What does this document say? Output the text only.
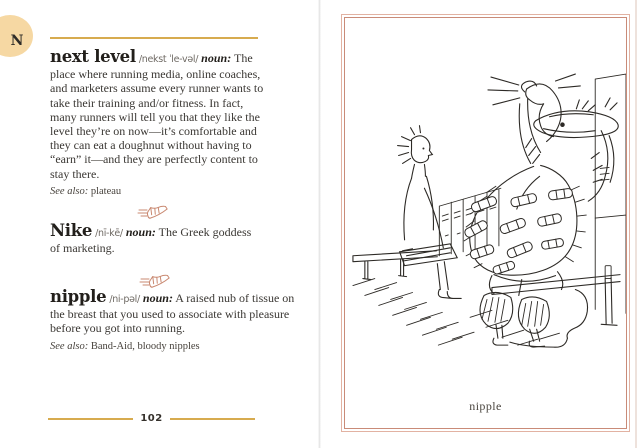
N

next level /nekst ˈle-vəl/ noun: The place where running media, online coaches, and marketers assume every runner wants to take their training and/or fitness. In fact, many runners will tell you that they like the level they’re on now—it’s comfortable and they can eat a doughnut without having to “earn” it—and they are perfectly content to stay there.

See also: plateau

Nike /nī-kē/ noun: The Greek goddess of marketing.

nipple /ni-pəl/ noun: A raised nub of tissue on the breast that you used to associate with pleasure before you got into running.

See also: Band-Aid, bloody nipples
102
nipple
